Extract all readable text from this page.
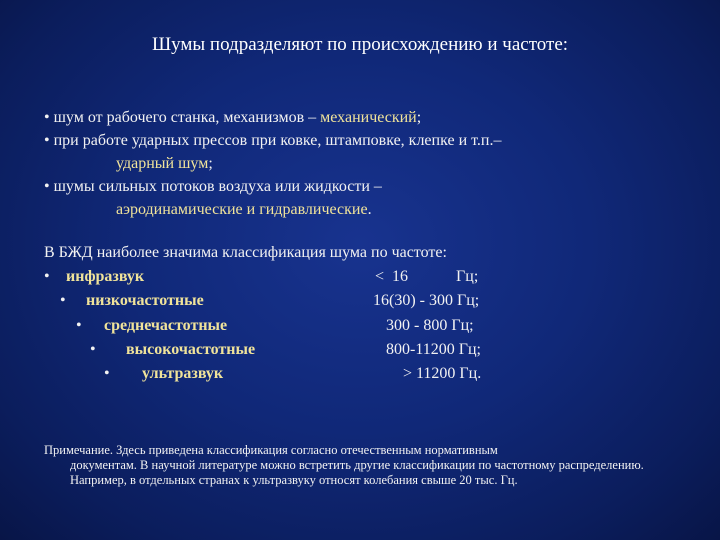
Шумы подразделяют по происхождению и частоте:
• шум от рабочего станка, механизмов – механический;
• при работе ударных прессов при ковке, штамповке, клепке и т.п.–
ударный шум;
• шумы сильных потоков воздуха или жидкости –
аэродинамические и гидравлические.
В БЖД наиболее значима классификация шума по частоте:
• инфразвук	<  16            Гц;
• низкочастотные	16(30) - 300 Гц;
• среднечастотные	300 - 800 Гц;
• высокочастотные	800-11200 Гц;
• ультразвук	> 11200 Гц.
Примечание. Здесь приведена классификация согласно отечественным нормативным
документам. В научной литературе можно встретить другие классификации по частотному распределению. Например, в отдельных странах к ультразвуку относят колебания свыше 20 тыс. Гц.
